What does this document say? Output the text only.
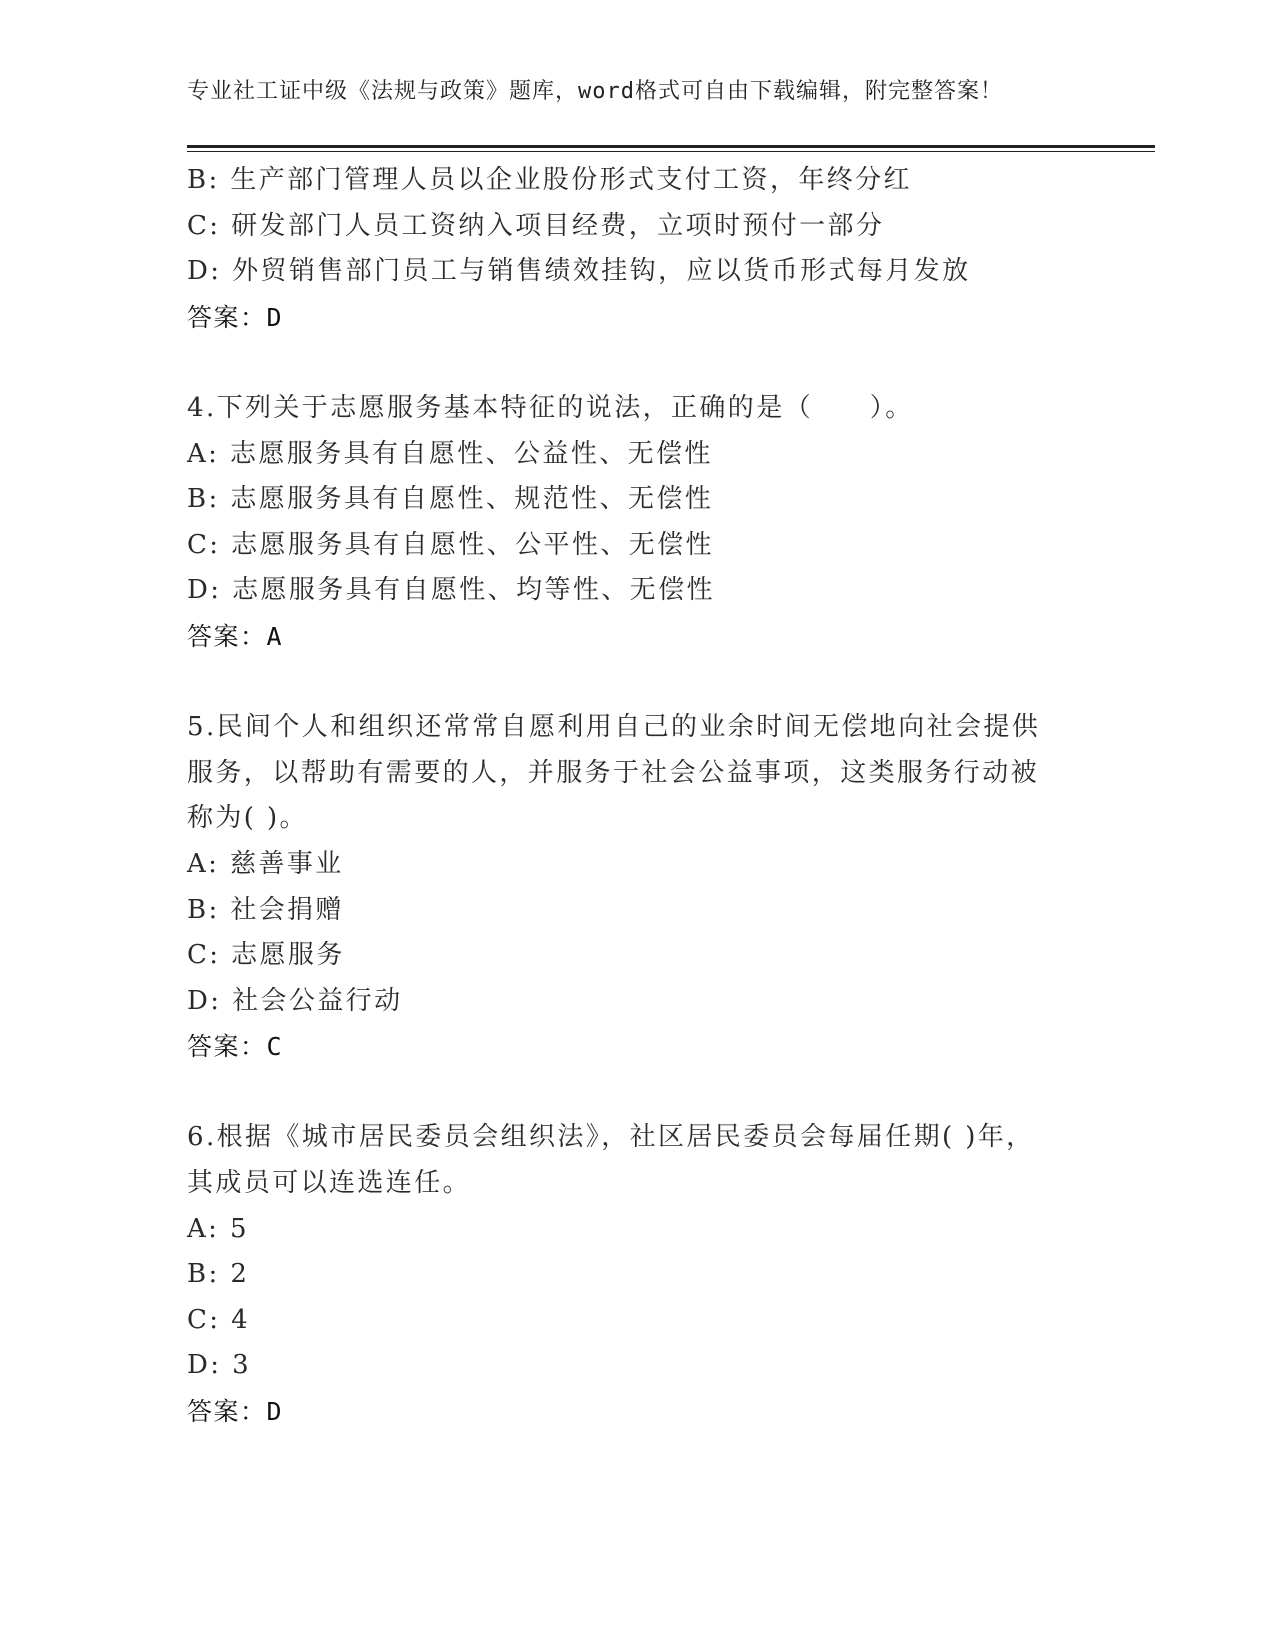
专业社工证中级《法规与政策》题库，word格式可自由下载编辑，附完整答案！
B: 生产部门管理人员以企业股份形式支付工资，年终分红
C: 研发部门人员工资纳入项目经费，立项时预付一部分
D: 外贸销售部门员工与销售绩效挂钩，应以货币形式每月发放
答案：D
4.下列关于志愿服务基本特征的说法，正确的是（　　）。
A: 志愿服务具有自愿性、公益性、无偿性
B: 志愿服务具有自愿性、规范性、无偿性
C: 志愿服务具有自愿性、公平性、无偿性
D: 志愿服务具有自愿性、均等性、无偿性
答案：A
5.民间个人和组织还常常自愿利用自己的业余时间无偿地向社会提供
服务，以帮助有需要的人，并服务于社会公益事项，这类服务行动被
称为( )。
A: 慈善事业
B: 社会捐赠
C: 志愿服务
D: 社会公益行动
答案：C
6.根据《城市居民委员会组织法》，社区居民委员会每届任期( )年，
其成员可以连选连任。
A: 5
B: 2
C: 4
D: 3
答案：D
